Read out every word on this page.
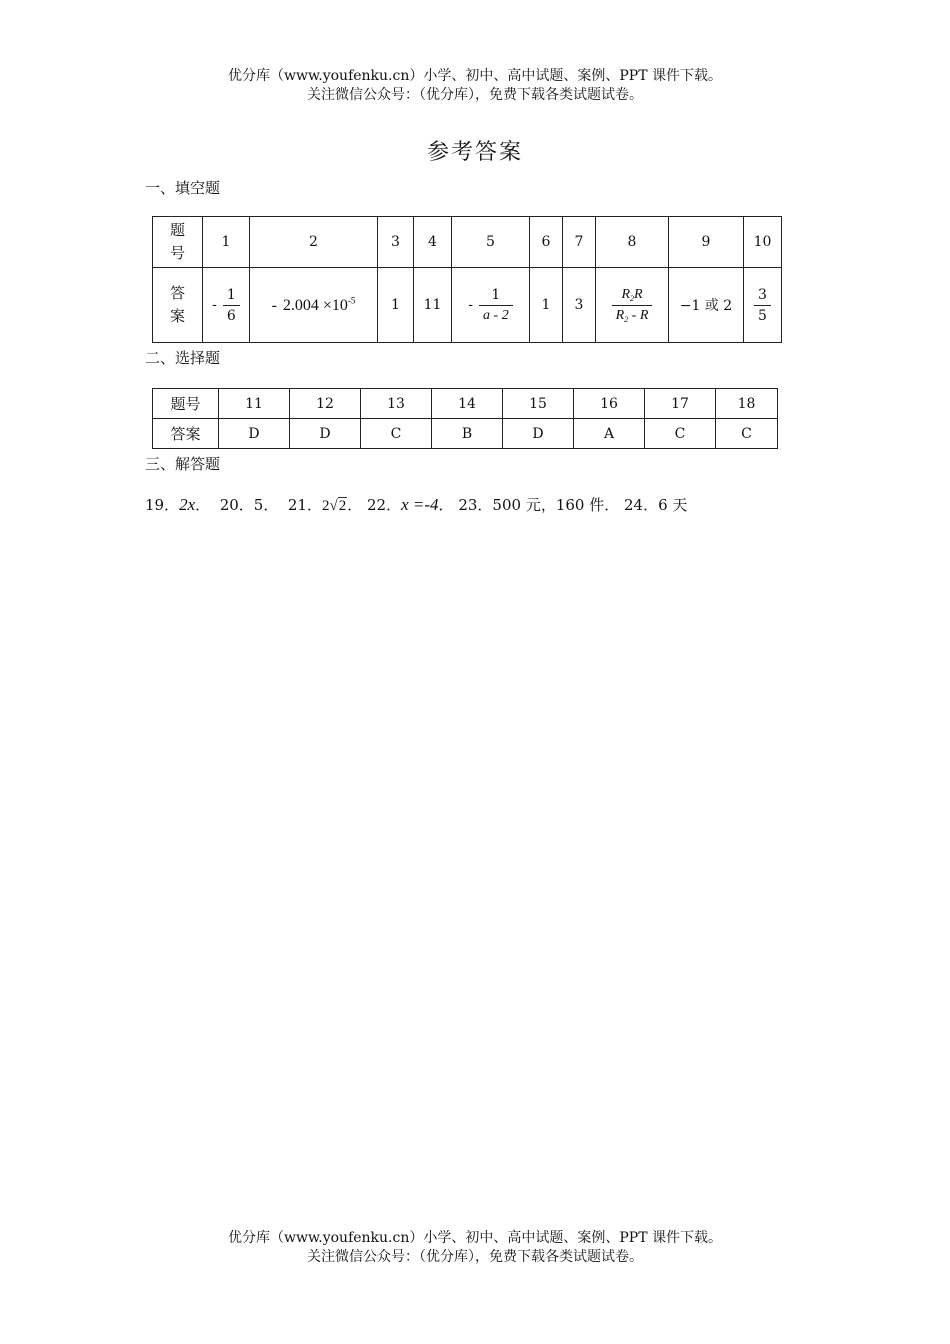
优分库（www.youfenku.cn）小学、初中、高中试题、案例、PPT 课件下载。
关注微信公众号：（优分库），免费下载各类试题试卷。
参考答案
一、填空题
题号	1	2	3	4	5	6	7	8	9	10
答案	- $\frac{1}{6}$	- $2.004 \times 10^{-5}$	1	11	- $\frac{1}{a - 2}$	1	3	$\frac{R_2R}{R_2 - R}$	−1 或 2	$\frac{3}{5}$
二、选择题
题号	11	12	13	14	15	16	17	18
答案	D	D	C	B	D	A	C	C
三、解答题
19．2x． 20．5． 21．2√2． 22．x =-4． 23．500 元，160 件． 24．6 天
优分库（www.youfenku.cn）小学、初中、高中试题、案例、PPT 课件下载。
关注微信公众号：（优分库），免费下载各类试题试卷。
